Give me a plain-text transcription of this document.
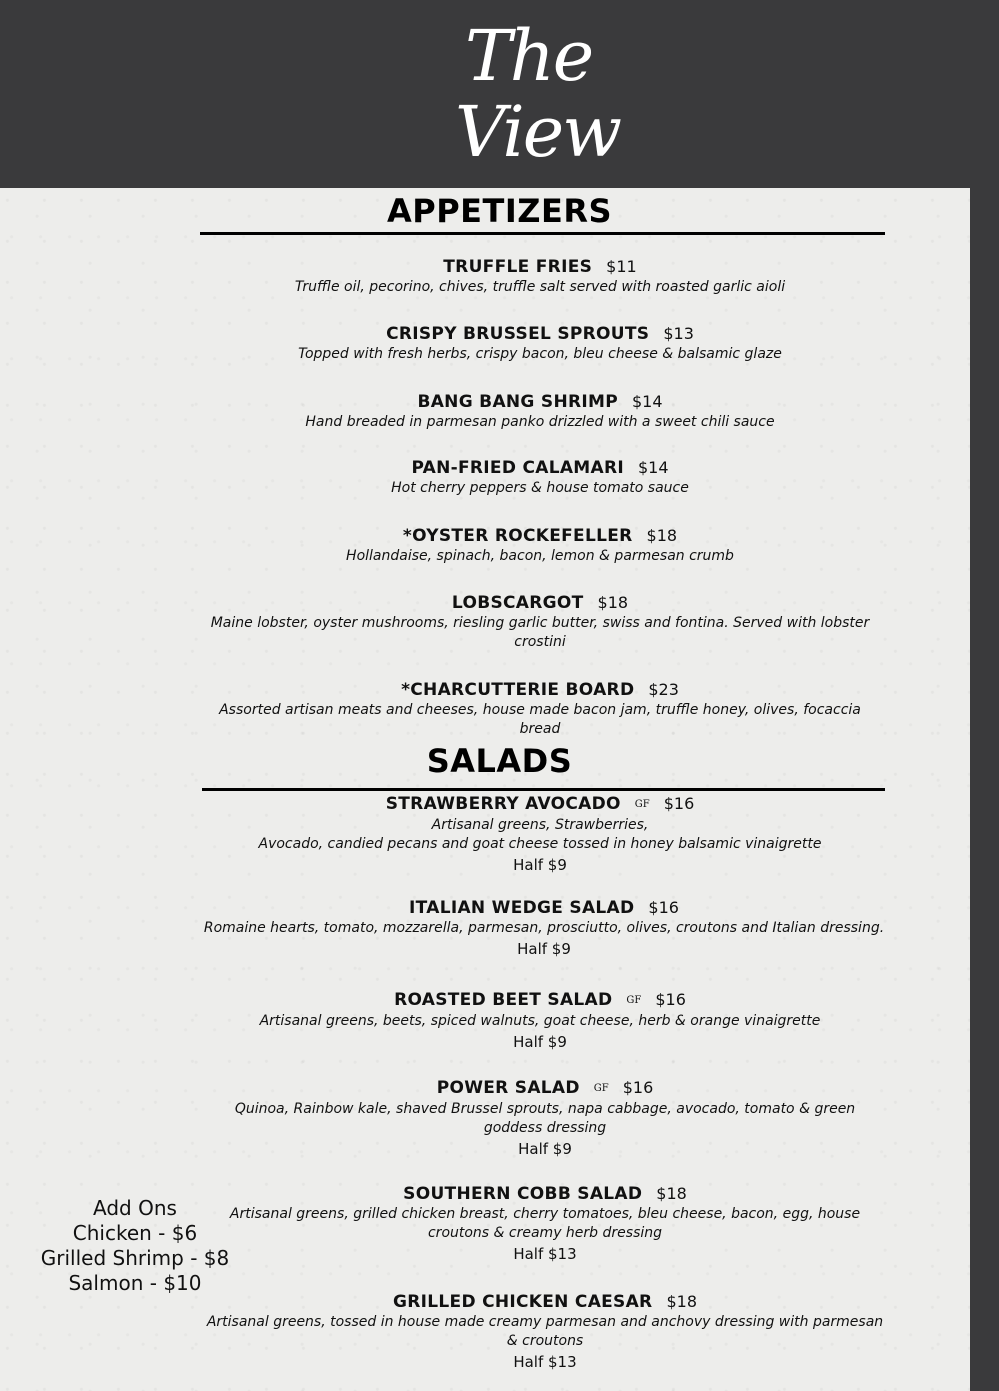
The
View
APPETIZERS
TRUFFLE FRIES $11
Truffle oil, pecorino, chives, truffle salt served with roasted garlic aioli
CRISPY BRUSSEL SPROUTS $13
Topped with fresh herbs, crispy bacon, bleu cheese & balsamic glaze
BANG BANG SHRIMP $14
Hand breaded in parmesan panko drizzled with a sweet chili sauce
PAN-FRIED CALAMARI $14
Hot cherry peppers & house tomato sauce
*OYSTER ROCKEFELLER $18
Hollandaise, spinach, bacon, lemon & parmesan crumb
LOBSCARGOT $18
Maine lobster, oyster mushrooms, riesling garlic butter, swiss and fontina. Served with lobster crostini
*CHARCUTTERIE BOARD $23
Assorted artisan meats and cheeses, house made bacon jam, truffle honey, olives, focaccia bread
SALADS
STRAWBERRY AVOCADO GF $16
Artisanal greens, Strawberries,
Avocado, candied pecans and goat cheese tossed in honey balsamic vinaigrette
Half $9
ITALIAN WEDGE SALAD $16
Romaine hearts, tomato, mozzarella, parmesan, prosciutto, olives, croutons and Italian dressing.
Half $9
ROASTED BEET SALAD GF $16
Artisanal greens, beets, spiced walnuts, goat cheese, herb & orange vinaigrette
Half $9
POWER SALAD GF $16
Quinoa, Rainbow kale, shaved Brussel sprouts, napa cabbage, avocado, tomato & green goddess dressing
Half $9
SOUTHERN COBB SALAD $18
Artisanal greens, grilled chicken breast, cherry tomatoes, bleu cheese, bacon, egg, house croutons & creamy herb dressing
Half $13
GRILLED CHICKEN CAESAR $18
Artisanal greens, tossed in house made creamy parmesan and anchovy dressing with parmesan & croutons
Half $13
Add Ons
Chicken - $6
Grilled Shrimp - $8
Salmon - $10
